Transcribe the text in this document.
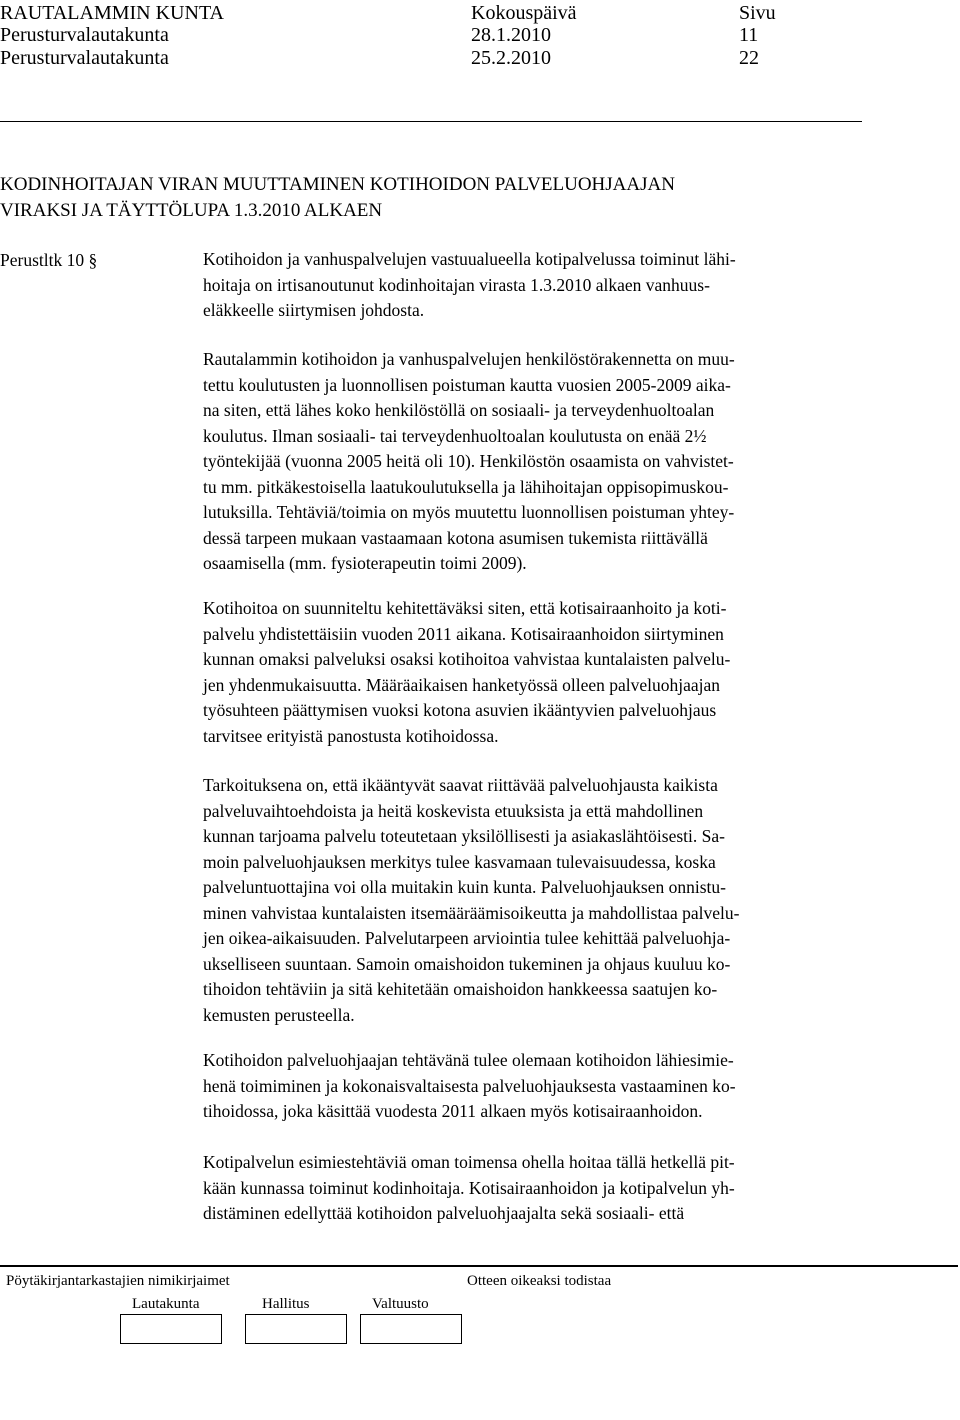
RAUTALAMMIN KUNTA	Kokouspäivä	Sivu
Perusturvalautakunta	28.1.2010	11
Perusturvalautakunta	25.2.2010	22
KODINHOITAJAN VIRAN MUUTTAMINEN KOTIHOIDON PALVELUOHJAAJAN
VIRAKSI JA TÄYTTÖLUPA 1.3.2010 ALKAEN
Perustltk 10 §	Kotihoidon ja vanhuspalvelujen vastuualueella kotipalvelussa toiminut lähi-
hoitaja on irtisanoutunut kodinhoitajan virasta 1.3.2010 alkaen vanhuus-
eläkkeelle siirtymisen johdosta.
Rautalammin kotihoidon ja vanhuspalvelujen henkilöstörakennetta on muu-
tettu koulutusten ja luonnollisen poistuman kautta vuosien 2005-2009 aika-
na siten, että lähes koko henkilöstöllä on sosiaali- ja terveydenhuoltoalan
koulutus. Ilman sosiaali- tai terveydenhuoltoalan koulutusta on enää 2½
työntekijää (vuonna 2005 heitä oli 10). Henkilöstön osaamista on vahvistet-
tu mm. pitkäkestoisella laatukoulutuksella ja lähihoitajan oppisopimuskou-
lutuksilla. Tehtäviä/toimia on myös muutettu luonnollisen poistuman yhtey-
dessä tarpeen mukaan vastaamaan kotona asumisen tukemista riittävällä
osaamisella (mm. fysioterapeutin toimi 2009).
Kotihoitoa on suunniteltu kehitettäväksi siten, että kotisairaanhoito ja koti-
palvelu yhdistettäisiin vuoden 2011 aikana. Kotisairaanhoidon siirtyminen
kunnan omaksi palveluksi osaksi kotihoitoa vahvistaa kuntalaisten palvelu-
jen yhdenmukaisuutta. Määräaikaisen hanketyössä olleen palveluohjaajan
työsuhteen päättymisen vuoksi kotona asuvien ikääntyvien palveluohjaus
tarvitsee erityistä panostusta kotihoidossa.
Tarkoituksena on, että ikääntyvät saavat riittävää palveluohjausta kaikista
palveluvaihtoehdoista ja heitä koskevista etuuksista ja että mahdollinen
kunnan tarjoama palvelu toteutetaan yksilöllisesti ja asiakaslähtöisesti. Sa-
moin palveluohjauksen merkitys tulee kasvamaan tulevaisuudessa, koska
palveluntuottajina voi olla muitakin kuin kunta. Palveluohjauksen onnistu-
minen vahvistaa kuntalaisten itsemääräämisoikeutta ja mahdollistaa palvelu-
jen oikea-aikaisuuden. Palvelutarpeen arviointia tulee kehittää palveluohja-
ukselliseen suuntaan. Samoin omaishoidon tukeminen ja ohjaus kuuluu ko-
tihoidon tehtäviin ja sitä kehitetään omaishoidon hankkeessa saatujen ko-
kemusten perusteella.
Kotihoidon palveluohjaajan tehtävänä tulee olemaan kotihoidon lähiesimie-
henä toimiminen ja kokonaisvaltaisesta palveluohjauksesta vastaaminen ko-
tihoidossa, joka käsittää vuodesta 2011 alkaen myös kotisairaanhoidon.
Kotipalvelun esimiestehtäviä oman toimensa ohella hoitaa tällä hetkellä pit-
kään kunnassa toiminut kodinhoitaja. Kotisairaanhoidon ja kotipalvelun yh-
distäminen edellyttää kotihoidon palveluohjaajalta sekä sosiaali- että
Pöytäkirjantarkastajien nimikirjaimet	Otteen oikeaksi todistaa
Lautakunta	Hallitus	Valtuusto
